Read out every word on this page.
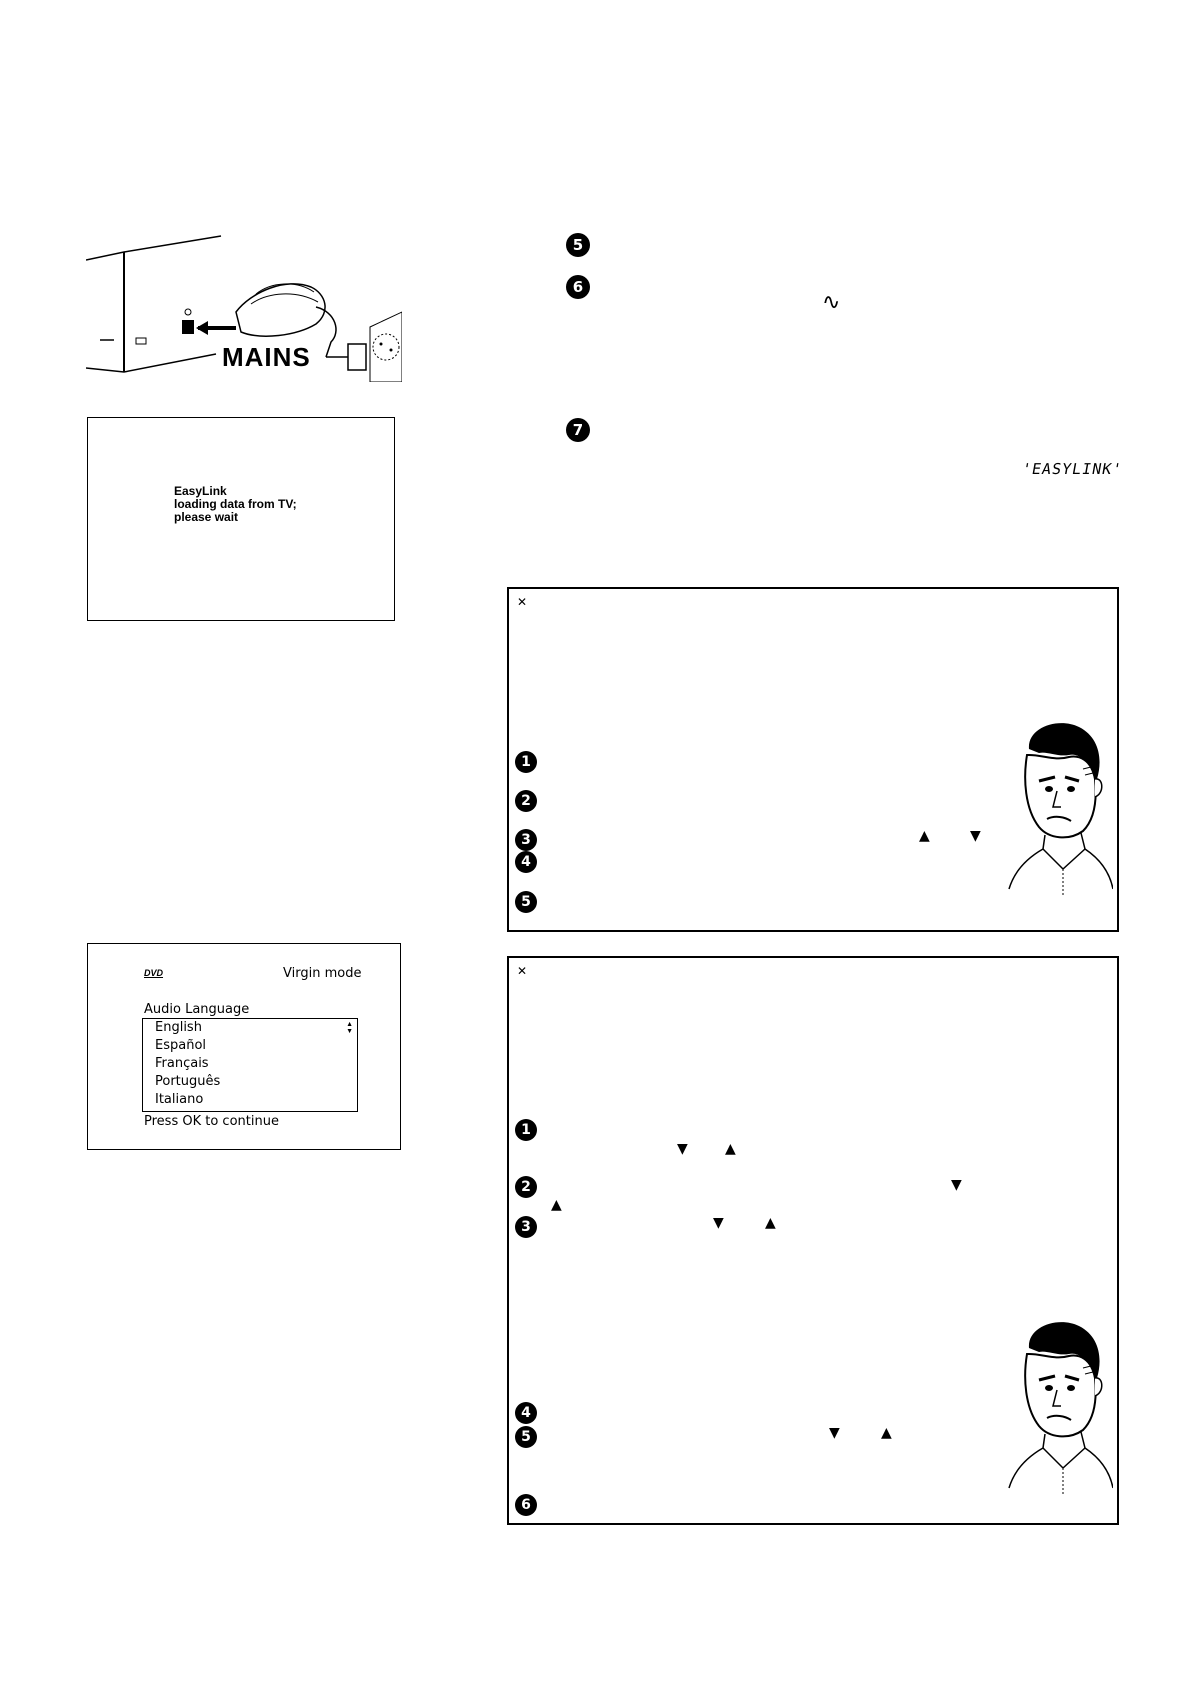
MAINS
EasyLink
loading data from TV;
please wait
DVD	Virgin mode
Audio Language
English
Español
Français
Português
Italiano
▲
▼
Press OK to continue
5
6
∿
7
'EASYLINK'
✕
1
2
3	▲	▼
4
5
✕
1
▼	▲
2	▼
▲
3	▼	▲
4
5	▼	▲
6
